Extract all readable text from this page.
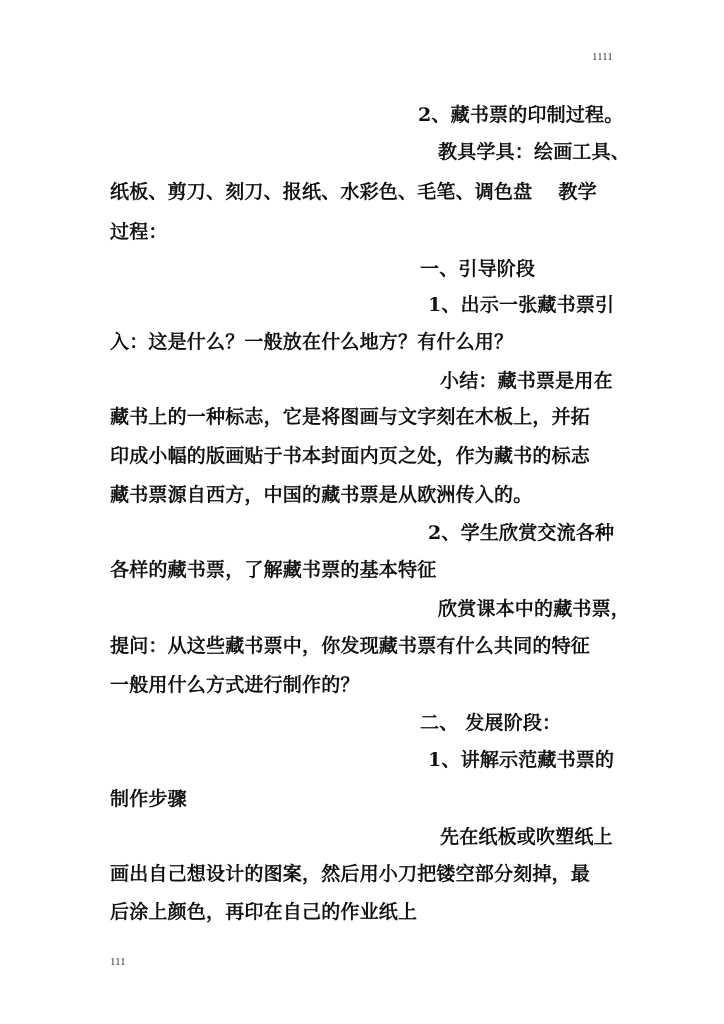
1111
2、藏书票的印制过程。
教具学具：绘画工具、
纸板、剪刀、刻刀、报纸、水彩色、毛笔、调色盘　 教学
过程：
一、引导阶段
1、出示一张藏书票引
入：这是什么？一般放在什么地方？有什么用？
小结：藏书票是用在
藏书上的一种标志，它是将图画与文字刻在木板上，并拓
印成小幅的版画贴于书本封面内页之处，作为藏书的标志
藏书票源自西方，中国的藏书票是从欧洲传入的。
2、学生欣赏交流各种
各样的藏书票，了解藏书票的基本特征
欣赏课本中的藏书票，
提问：从这些藏书票中，你发现藏书票有什么共同的特征
一般用什么方式进行制作的？
二、 发展阶段：
1、讲解示范藏书票的
制作步骤
先在纸板或吹塑纸上
画出自己想设计的图案，然后用小刀把镂空部分刻掉，最
后涂上颜色，再印在自己的作业纸上
111
